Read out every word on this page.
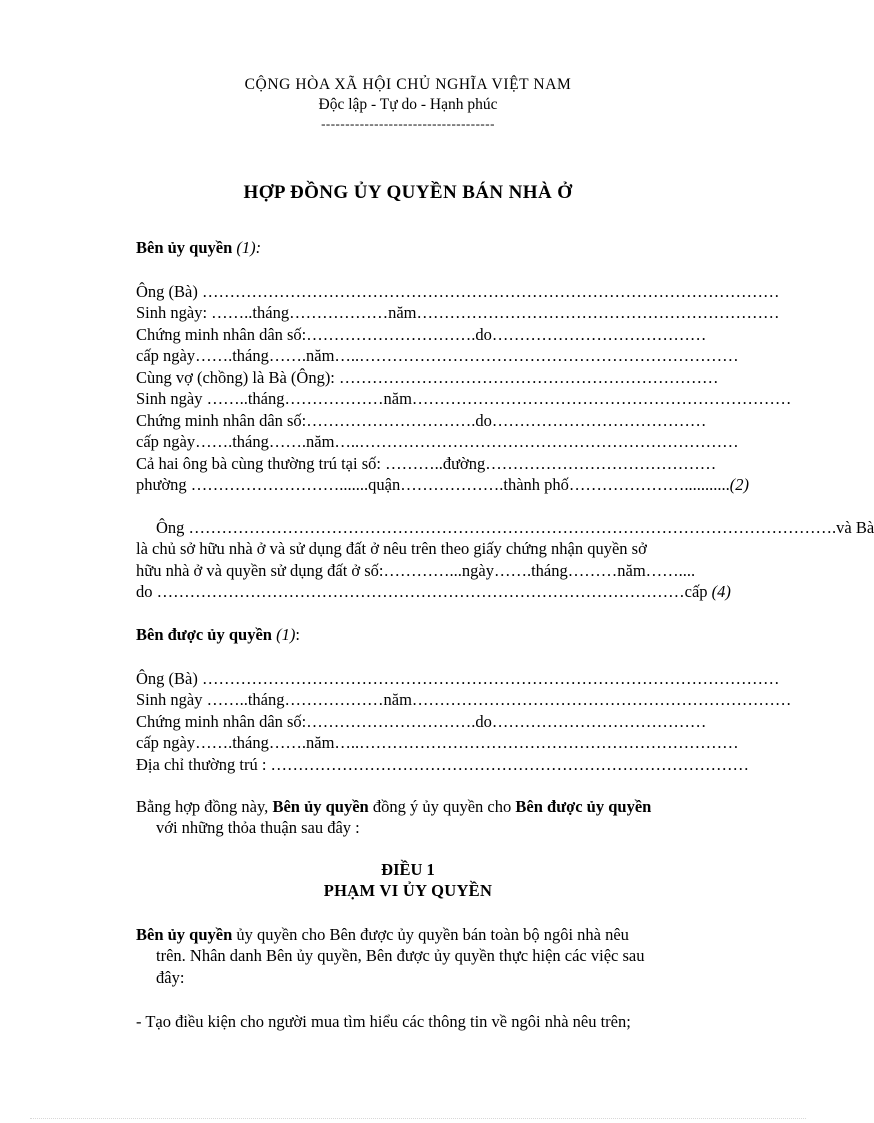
CỘNG HÒA XÃ HỘI CHỦ NGHĨA VIỆT NAM
Độc lập - Tự do - Hạnh phúc
------------------------------------
HỢP ĐỒNG ỦY QUYỀN BÁN NHÀ Ở
Bên ủy quyền (1):
Ông (Bà) ……………………………………………………………………………………………
Sinh ngày: ……..tháng………………năm…………………………………………………………
Chứng minh nhân dân số:………………………….do…………………………………
cấp ngày…….tháng…….năm…..……………………………………………………………
Cùng vợ (chồng) là Bà (Ông): ……………………………………………………………
Sinh ngày ……..tháng………………năm……………………………………………………………
Chứng minh nhân dân số:………………………….do…………………………………
cấp ngày…….tháng…….năm…..……………………………………………………………
Cả hai ông bà cùng thường trú tại số: ………..đường……………………………………
phường ……………………….......quận……………….thành phố…………………...........(2)
Ông ……………………………………………………………………………………………………….và Bà
là chủ sở hữu nhà ở và sử dụng đất ở nêu trên theo giấy chứng nhận quyền sở
hữu nhà ở và quyền sử dụng đất ở số:…………...ngày…….tháng………năm……....
do ……………………………………………………………………………………cấp (4)
Bên được ủy quyền (1):
Ông (Bà) ……………………………………………………………………………………………
Sinh ngày ……..tháng………………năm……………………………………………………………
Chứng minh nhân dân số:………………………….do…………………………………
cấp ngày…….tháng…….năm…..……………………………………………………………
Địa chỉ thường trú : ……………………………………………………………………………
Bằng hợp đồng này, Bên ủy quyền đồng ý ủy quyền cho Bên được ủy quyền
với những thỏa thuận sau đây :
ĐIỀU 1
PHẠM VI ỦY QUYỀN
Bên ủy quyền ủy quyền cho Bên được ủy quyền bán toàn bộ ngôi nhà nêu
trên. Nhân danh Bên ủy quyền, Bên được ủy quyền thực hiện các việc sau
đây:
- Tạo điều kiện cho người mua tìm hiểu các thông tin về ngôi nhà nêu trên;
